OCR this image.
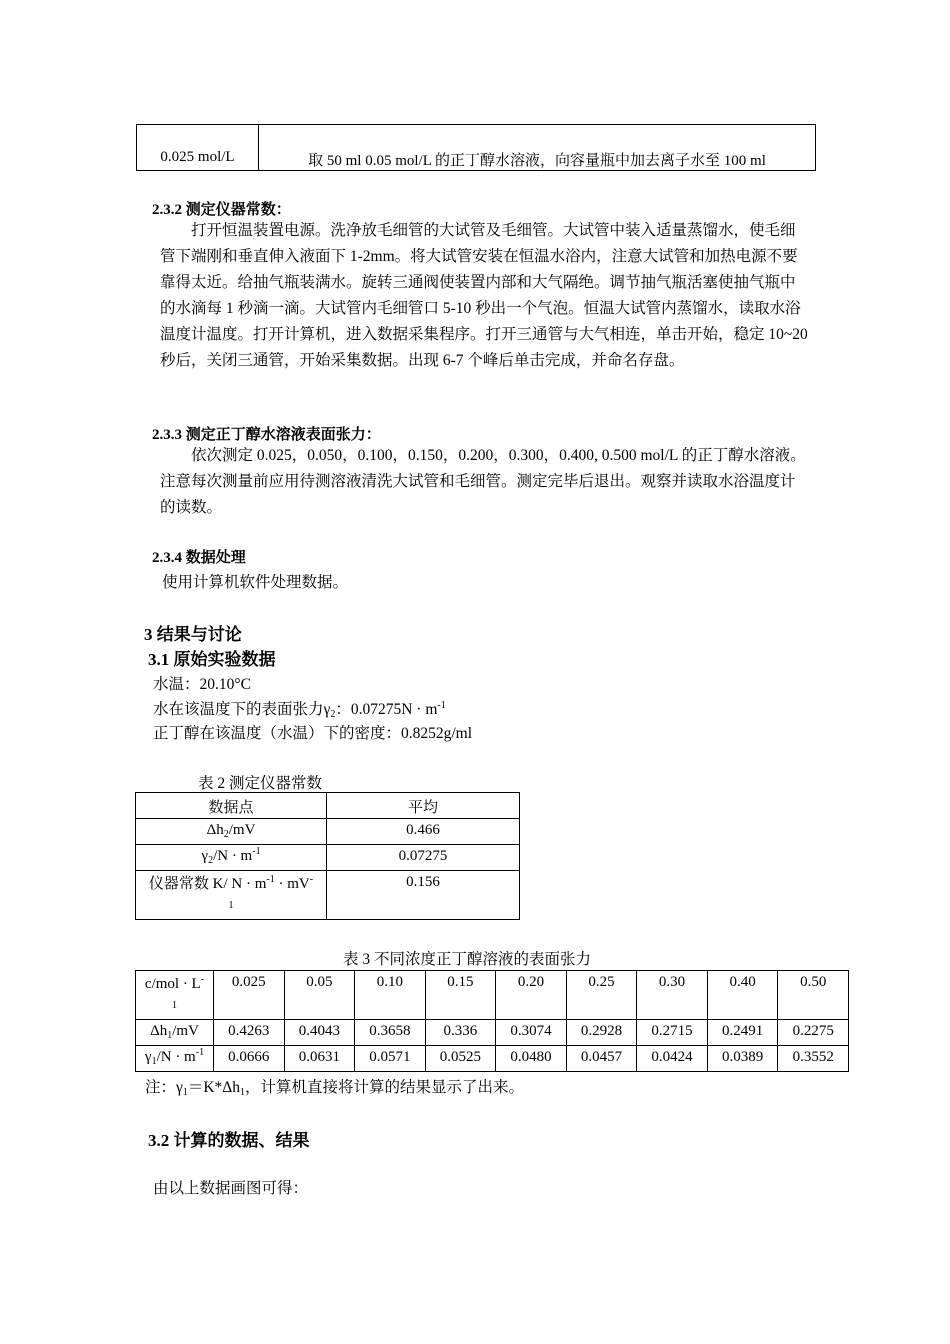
0.025 mol/L	取 50 ml 0.05 mol/L 的正丁醇水溶液，向容量瓶中加去离子水至 100 ml
2.3.2 测定仪器常数：

打开恒温装置电源。洗净放毛细管的大试管及毛细管。大试管中装入适量蒸馏水，使毛细管下端刚和垂直伸入液面下 1-2mm。将大试管安装在恒温水浴内，注意大试管和加热电源不要靠得太近。给抽气瓶装满水。旋转三通阀使装置内部和大气隔绝。调节抽气瓶活塞使抽气瓶中的水滴每 1 秒滴一滴。大试管内毛细管口 5-10 秒出一个气泡。恒温大试管内蒸馏水，读取水浴温度计温度。打开计算机，进入数据采集程序。打开三通管与大气相连，单击开始，稳定 10~20 秒后，关闭三通管，开始采集数据。出现 6-7 个峰后单击完成，并命名存盘。

2.3.3 测定正丁醇水溶液表面张力：

依次测定 0.025，0.050，0.100，0.150，0.200，0.300，0.400, 0.500 mol/L 的正丁醇水溶液。注意每次测量前应用待测溶液清洗大试管和毛细管。测定完毕后退出。观察并读取水浴温度计的读数。

2.3.4 数据处理
使用计算机软件处理数据。
3 结果与讨论
3.1 原始实验数据
水温：20.10°C
水在该温度下的表面张力$\gamma_2$：$0.07275N \cdot m^{-1}$
正丁醇在该温度（水温）下的密度：0.8252g/ml
表 2 测定仪器常数
数据点	平均
$\Delta h_2/mV$	0.466
$\gamma_2/N \cdot m^{-1}$	0.07275
仪器常数 K/ $N \cdot m^{-1} \cdot mV^-$
1	0.156
表 3 不同浓度正丁醇溶液的表面张力
c/mol · L-
1	0.025	0.05	0.10	0.15	0.20	0.25	0.30	0.40	0.50
$\Delta h_1/mV$	0.4263	0.4043	0.3658	0.336	0.3074	0.2928	0.2715	0.2491	0.2275
$\gamma_1/N \cdot m^{-1}$	0.0666	0.0631	0.0571	0.0525	0.0480	0.0457	0.0424	0.0389	0.3552
注：$\gamma_1=K*\Delta h_1$，计算机直接将计算的结果显示了出来。
3.2 计算的数据、结果
由以上数据画图可得：
